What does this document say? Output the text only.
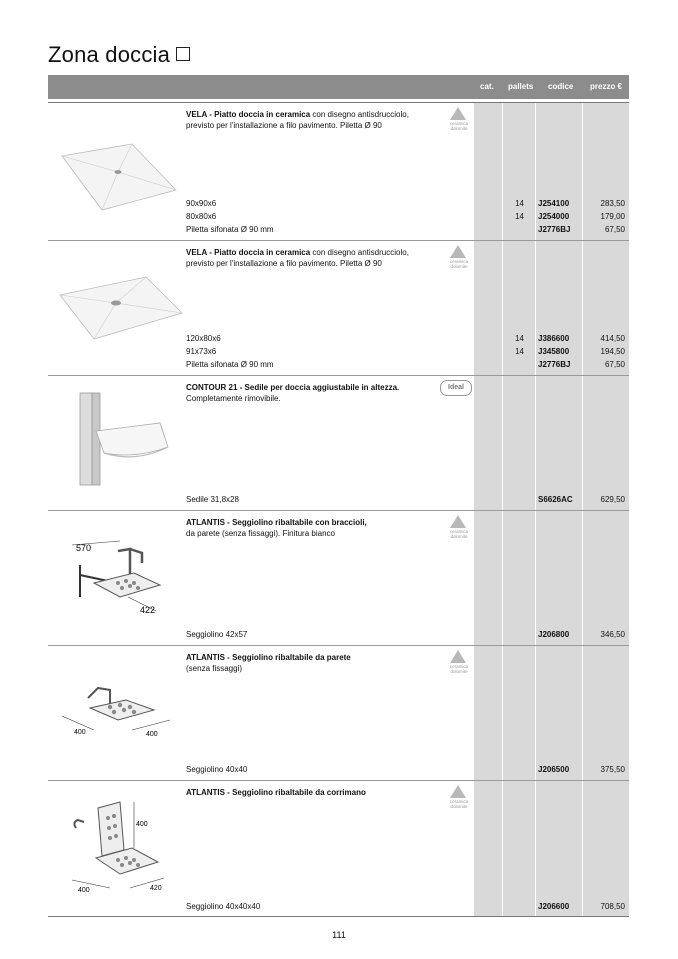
Zona doccia
cat. pallets codice prezzo €
VELA - Piatto doccia in ceramica con disegno antisdrucciolo,
previsto per l'installazione a filo pavimento. Piletta Ø 90	ceramica
dolomite
90x90x6	14 J254100	283,50
80x80x6	14 J254000	179,00
Piletta sifonata Ø 90 mm	J2776BJ	67,50
VELA - Piatto doccia in ceramica con disegno antisdrucciolo,
previsto per l'installazione a filo pavimento. Piletta Ø 90	ceramica
dolomite
120x80x6	14 J386600	414,50
91x73x6	14 J345800	194,50
Piletta sifonata Ø 90 mm	J2776BJ	67,50
CONTOUR 21 - Sedile per doccia aggiustabile in altezza.
Completamente rimovibile.
Ideal
Sedile 31,8x28	S6626AC	629,50
570
422
ATLANTIS - Seggiolino ribaltabile con braccioli,
da parete (senza fissaggi). Finitura bianco	ceramica
dolomite
Seggiolino 42x57	J206800	346,50
400	400
ATLANTIS - Seggiolino ribaltabile da parete
(senza fissaggi)	ceramica
dolomite
Seggiolino 40x40	J206500	375,50
400
400	420
ATLANTIS - Seggiolino ribaltabile da corrimano

ceramica
dolomite
Seggiolino 40x40x40	J206600	708,50
111
